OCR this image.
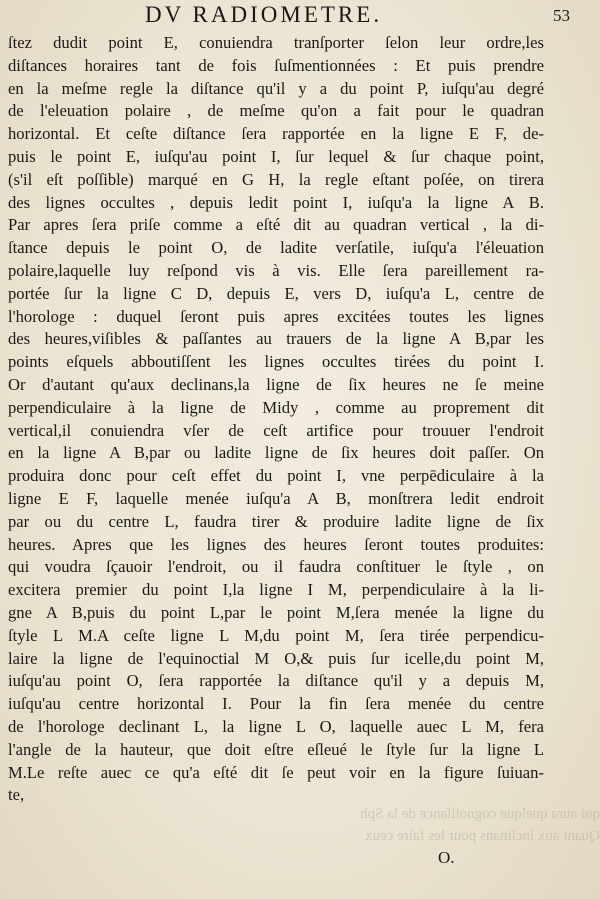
DV RADIOMETRE.	53
ſtez dudit point E, conuiendra tranſporter ſelon leur ordre,les
diſtances horaires tant de fois ſuſmentionnées : Et puis prendre
en la meſme regle la diſtance qu'il y a du point P, iuſqu'au degré
de l'eleuation polaire , de meſme qu'on a fait pour le quadran
horizontal. Et ceſte diſtance ſera rapportée en la ligne E F, de-
puis le point E, iuſqu'au point I, ſur lequel & ſur chaque point,
(s'il eſt poſſible) marqué en G H, la regle eſtant poſée, on tirera
des lignes occultes , depuis ledit point I, iuſqu'a la ligne A B.
Par apres ſera priſe comme a eſté dit au quadran vertical , la di-
ſtance depuis le point O, de ladite verſatile, iuſqu'a l'éleuation
polaire,laquelle luy reſpond vis à vis. Elle ſera pareillement ra-
portée ſur la ligne C D, depuis E, vers D, iuſqu'a L, centre de
l'horologe : duquel ſeront puis apres excitées toutes les lignes
des heures,viſibles & paſſantes au trauers de la ligne A B,par les
points eſquels abboutiſſent les lignes occultes tirées du point I.
Or d'autant qu'aux declinans,la ligne de ſix heures ne ſe meine
perpendiculaire à la ligne de Midy , comme au proprement dit
vertical,il conuiendra vſer de ceſt artifice pour trouuer l'endroit
en la ligne A B,par ou ladite ligne de ſix heures doit paſſer. On
produira donc pour ceſt effet du point I, vne perpēdiculaire à la
ligne E F, laquelle menée iuſqu'a A B, monſtrera ledit endroit
par ou du centre L, faudra tirer & produire ladite ligne de ſix
heures. Apres que les lignes des heures ſeront toutes produites:
qui voudra ſçauoir l'endroit, ou il faudra conſtituer le ſtyle , on
excitera premier du point I,la ligne I M, perpendiculaire à la li-
gne A B,puis du point L,par le point M,ſera menée la ligne du
ſtyle L M.A ceſte ligne L M,du point M, ſera tirée perpendicu-
laire la ligne de l'equinoctial M O,& puis ſur icelle,du point M,
iuſqu'au point O, ſera rapportée la diſtance qu'il y a depuis M,
iuſqu'au centre horizontal I. Pour la fin ſera menée du centre
de l'horologe declinant L, la ligne L O, laquelle auec L M, fera
l'angle de la hauteur, que doit eſtre eſleué le ſtyle ſur la ligne L
M.Le reſte auec ce qu'a eſté dit ſe peut voir en la figure ſuiuan-
te,
qui aura quelque cognoiſſance de la Sph
Quant aux inclinans pour les faire ceux
O.
